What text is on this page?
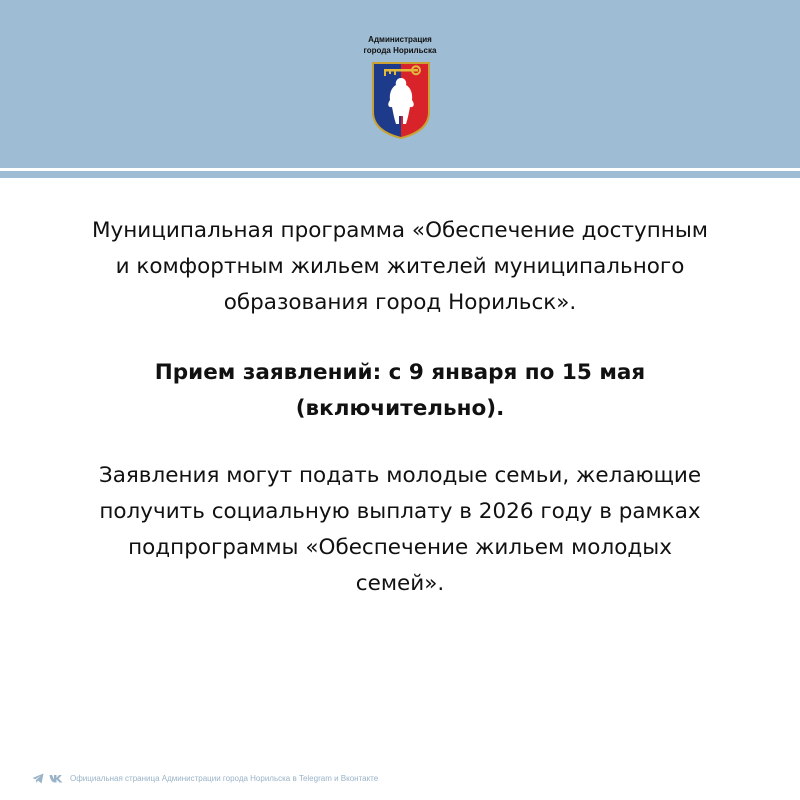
Администрация
города Норильска
Муниципальная программа «Обеспечение доступным
и комфортным жильем жителей муниципального
образования город Норильск».
Прием заявлений: с 9 января по 15 мая
(включительно).
Заявления могут подать молодые семьи, желающие
получить социальную выплату в 2026 году в рамках
подпрограммы «Обеспечение жильем молодых
семей».
Официальная страница Администрации города Норильска в Telegram и Вконтакте
